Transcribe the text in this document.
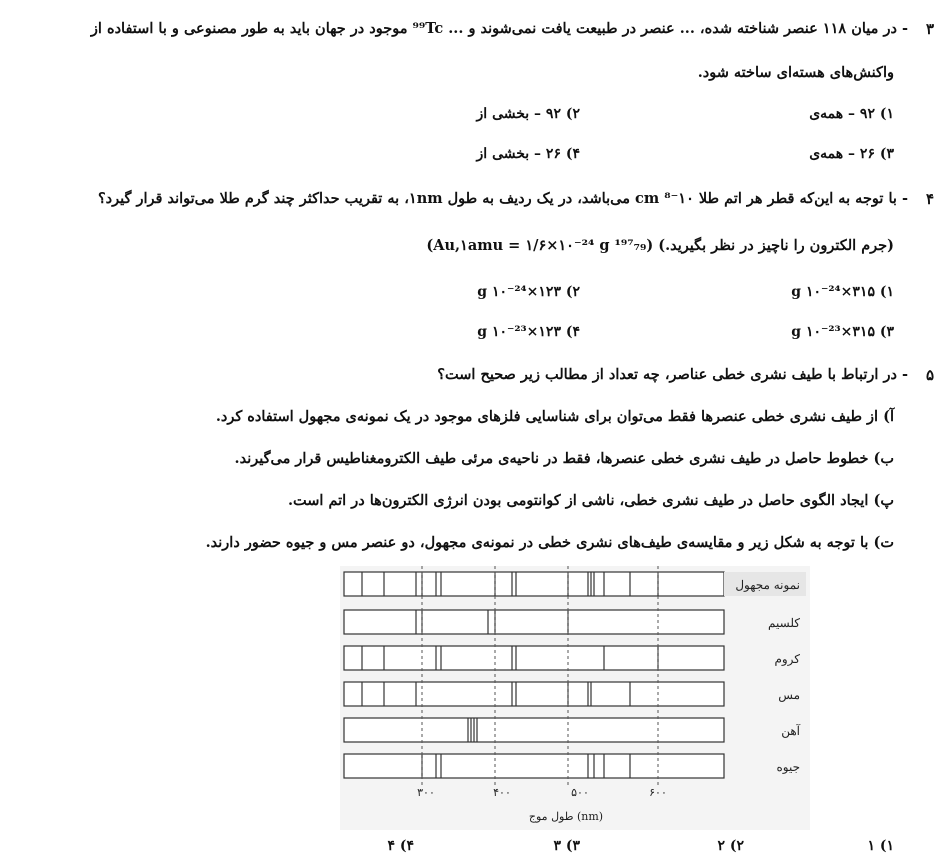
۳
- در میان ۱۱۸ عنصر شناخته شده، ... عنصر در طبیعت یافت نمی‌شوند و ... ⁹⁹Tc موجود در جهان باید به طور مصنوعی و با استفاده از
واکنش‌های هسته‌ای ساخته شود.
۱) ۹۲ – همه‌ی
۲) ۹۲ – بخشی از
۳) ۲۶ – همه‌ی
۴) ۲۶ – بخشی از
۴
- با توجه به این‌که قطر هر اتم طلا ۱۰⁻⁸ cm می‌باشد، در یک ردیف به طول ۱nm، به تقریب حداکثر چند گرم طلا می‌تواند قرار گیرد؟
(جرم الکترون را ناچیز در نظر بگیرید.) (Au,۱amu = ۱/۶×۱۰⁻²⁴ g ¹⁹⁷₇₉)
۱) ۳۱۵×۱۰⁻²⁴ g
۲) ۱۲۳×۱۰⁻²⁴ g
۳) ۳۱۵×۱۰⁻²³ g
۴) ۱۲۳×۱۰⁻²³ g
۵
- در ارتباط با طیف نشری خطی عناصر، چه تعداد از مطالب زیر صحیح است؟
آ) از طیف نشری خطی عنصرها فقط می‌توان برای شناسایی فلزهای موجود در یک نمونه‌ی مجهول استفاده کرد.
ب) خطوط حاصل در طیف نشری خطی عنصرها، فقط در ناحیه‌ی مرئی طیف الکترومغناطیس قرار می‌گیرند.
پ) ایجاد الگوی حاصل در طیف نشری خطی، ناشی از کوانتومی بودن انرژی الکترون‌ها در اتم است.
ت) با توجه به شکل زیر و مقایسه‌ی طیف‌های نشری خطی در نمونه‌ی مجهول، دو عنصر مس و جیوه حضور دارند.
نمونه مجهول
کلسیم
کروم
مس
آهن
جیوه
۳۰۰	۴۰۰	۵۰۰	۶۰۰
طول موج (nm)
۱) ۱
۲) ۲
۳) ۳
۴) ۴
